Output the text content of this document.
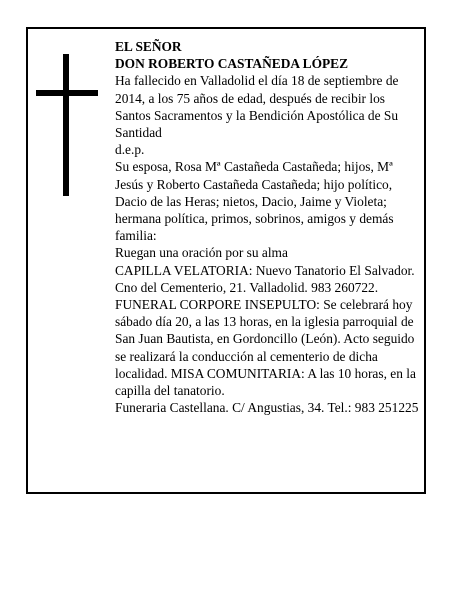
EL SEÑOR

DON ROBERTO CASTAÑEDA LÓPEZ

Ha fallecido en Valladolid el día 18 de septiembre de 2014, a los 75 años de edad, después de recibir los Santos Sacramentos y la Bendición Apostólica de Su Santidad

d.e.p.

Su esposa, Rosa Mª Castañeda Castañeda; hijos, Mª Jesús y Roberto Castañeda Castañeda; hijo político, Dacio de las Heras; nietos, Dacio, Jaime y Violeta; hermana política, primos, sobrinos, amigos y demás familia:

Ruegan una oración por su alma

CAPILLA VELATORIA: Nuevo Tanatorio El Salvador. Cno del Cementerio, 21. Valladolid. 983 260722.

FUNERAL CORPORE INSEPULTO: Se celebrará hoy sábado día 20, a las 13 horas, en la iglesia parroquial de San Juan Bautista, en Gordoncillo (León). Acto seguido se realizará la conducción al cementerio de dicha localidad. MISA COMUNITARIA: A las 10 horas, en la capilla del tanatorio.

Funeraria Castellana. C/ Angustias, 34. Tel.: 983 251225
